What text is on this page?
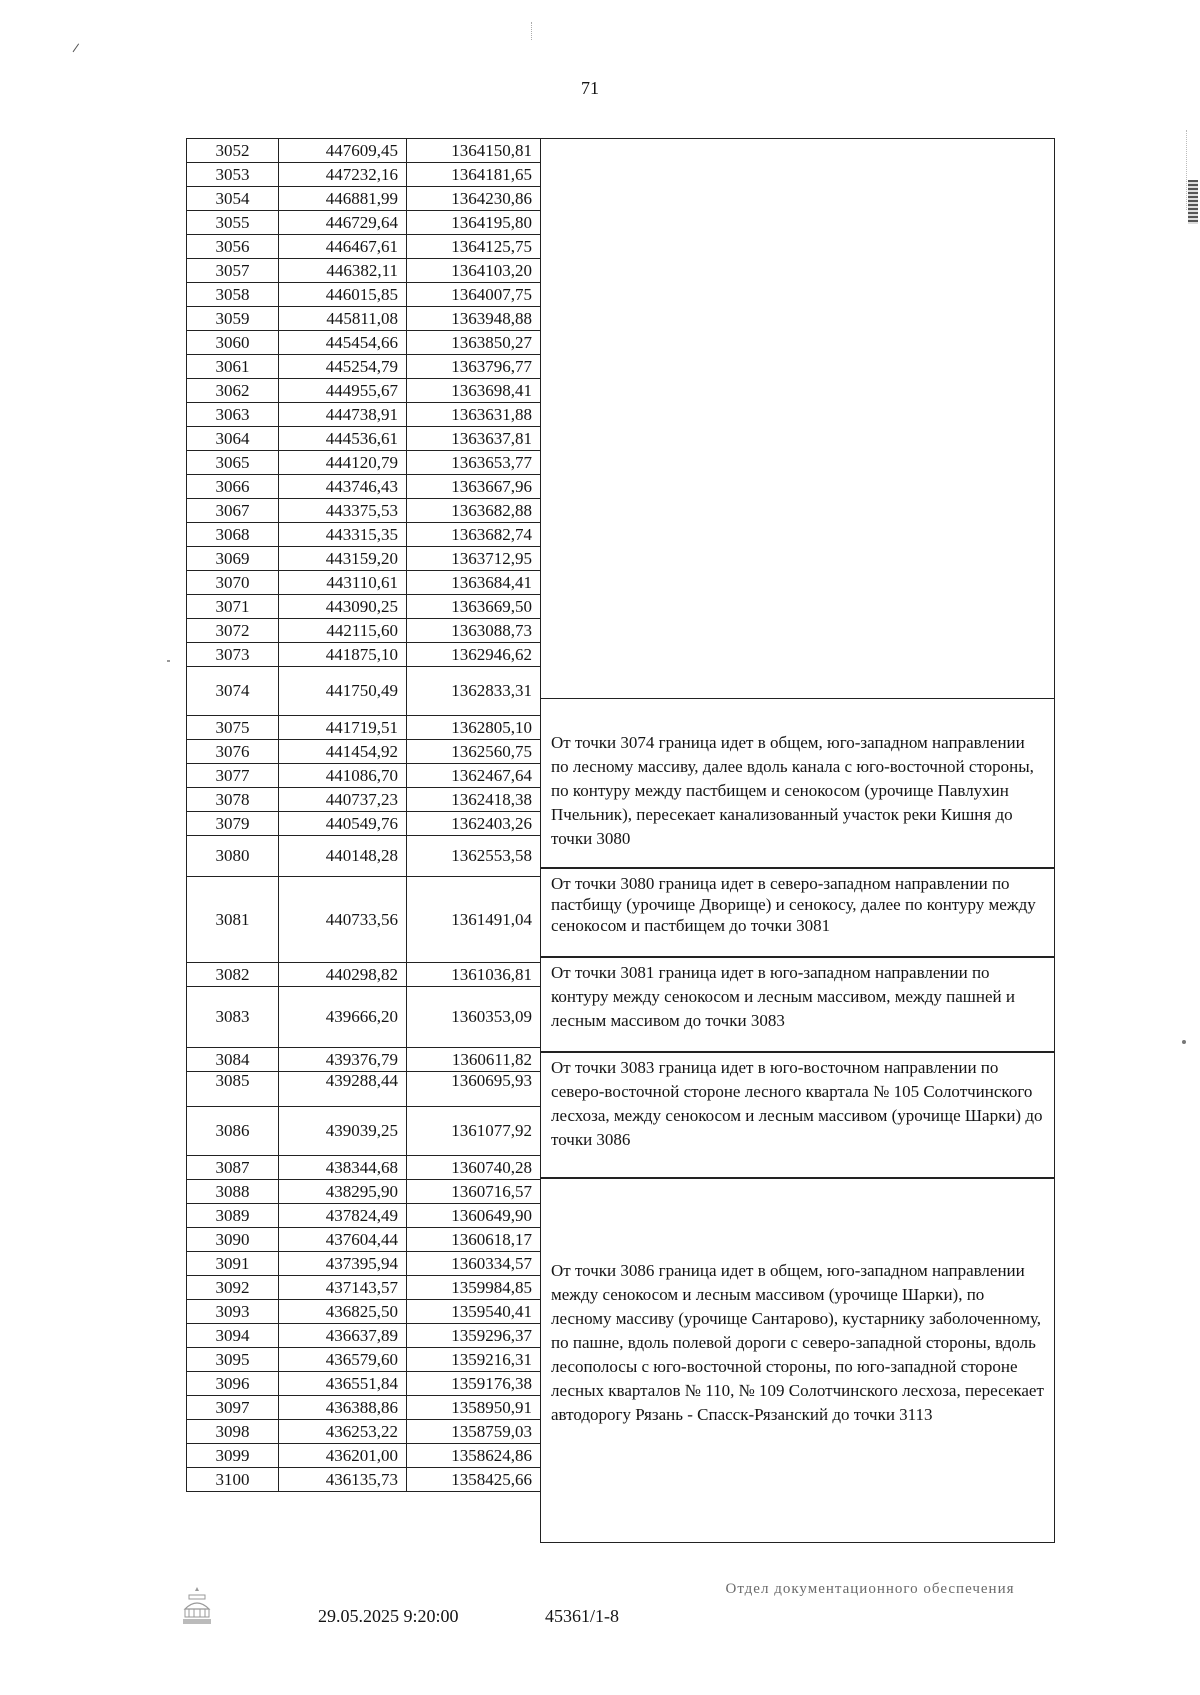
71
3052	447609,45	1364150,81
3053	447232,16	1364181,65
3054	446881,99	1364230,86
3055	446729,64	1364195,80
3056	446467,61	1364125,75
3057	446382,11	1364103,20
3058	446015,85	1364007,75
3059	445811,08	1363948,88
3060	445454,66	1363850,27
3061	445254,79	1363796,77
3062	444955,67	1363698,41
3063	444738,91	1363631,88
3064	444536,61	1363637,81
3065	444120,79	1363653,77
3066	443746,43	1363667,96
3067	443375,53	1363682,88
3068	443315,35	1363682,74
3069	443159,20	1363712,95
3070	443110,61	1363684,41
3071	443090,25	1363669,50
3072	442115,60	1363088,73
3073	441875,10	1362946,62
3074	441750,49	1362833,31
3075	441719,51	1362805,10
3076	441454,92	1362560,75
3077	441086,70	1362467,64
3078	440737,23	1362418,38
3079	440549,76	1362403,26
3080	440148,28	1362553,58
3081	440733,56	1361491,04
3082	440298,82	1361036,81
3083	439666,20	1360353,09
3084	439376,79	1360611,82
3085	439288,44	1360695,93
3086	439039,25	1361077,92
3087	438344,68	1360740,28
3088	438295,90	1360716,57
3089	437824,49	1360649,90
3090	437604,44	1360618,17
3091	437395,94	1360334,57
3092	437143,57	1359984,85
3093	436825,50	1359540,41
3094	436637,89	1359296,37
3095	436579,60	1359216,31
3096	436551,84	1359176,38
3097	436388,86	1358950,91
3098	436253,22	1358759,03
3099	436201,00	1358624,86
3100	436135,73	1358425,66
От точки 3074 граница идет в общем, юго-западном направлении по лесному массиву, далее вдоль канала с юго-восточной стороны, по контуру между пастбищем и сенокосом (урочище Павлухин Пчельник), пересекает канализованный участок реки Кишня до точки 3080
От точки 3080 граница идет в северо-западном направлении по пастбищу (урочище Дворище) и сенокосу, далее по контуру между сенокосом и пастбищем до точки 3081
От точки 3081 граница идет в юго-западном направлении по контуру между сенокосом и лесным массивом, между пашней и лесным массивом до точки 3083
От точки 3083 граница идет в юго-восточном направлении по северо-восточной стороне лесного квартала № 105 Солотчинского лесхоза, между сенокосом и лесным массивом (урочище Шарки) до точки 3086
От точки 3086 граница идет в общем, юго-западном направлении между сенокосом и лесным массивом (урочище Шарки), по лесному массиву (урочище Сантарово), кустарнику заболоченному, по пашне, вдоль полевой дороги с северо-западной стороны, вдоль лесополосы с юго-восточной стороны, по юго-западной стороне лесных кварталов № 110, № 109 Солотчинского лесхоза, пересекает автодорогу Рязань - Спасск-Рязанский до точки 3113
29.05.2025 9:20:00	45361/1-8
Отдел документационного обеспечения
